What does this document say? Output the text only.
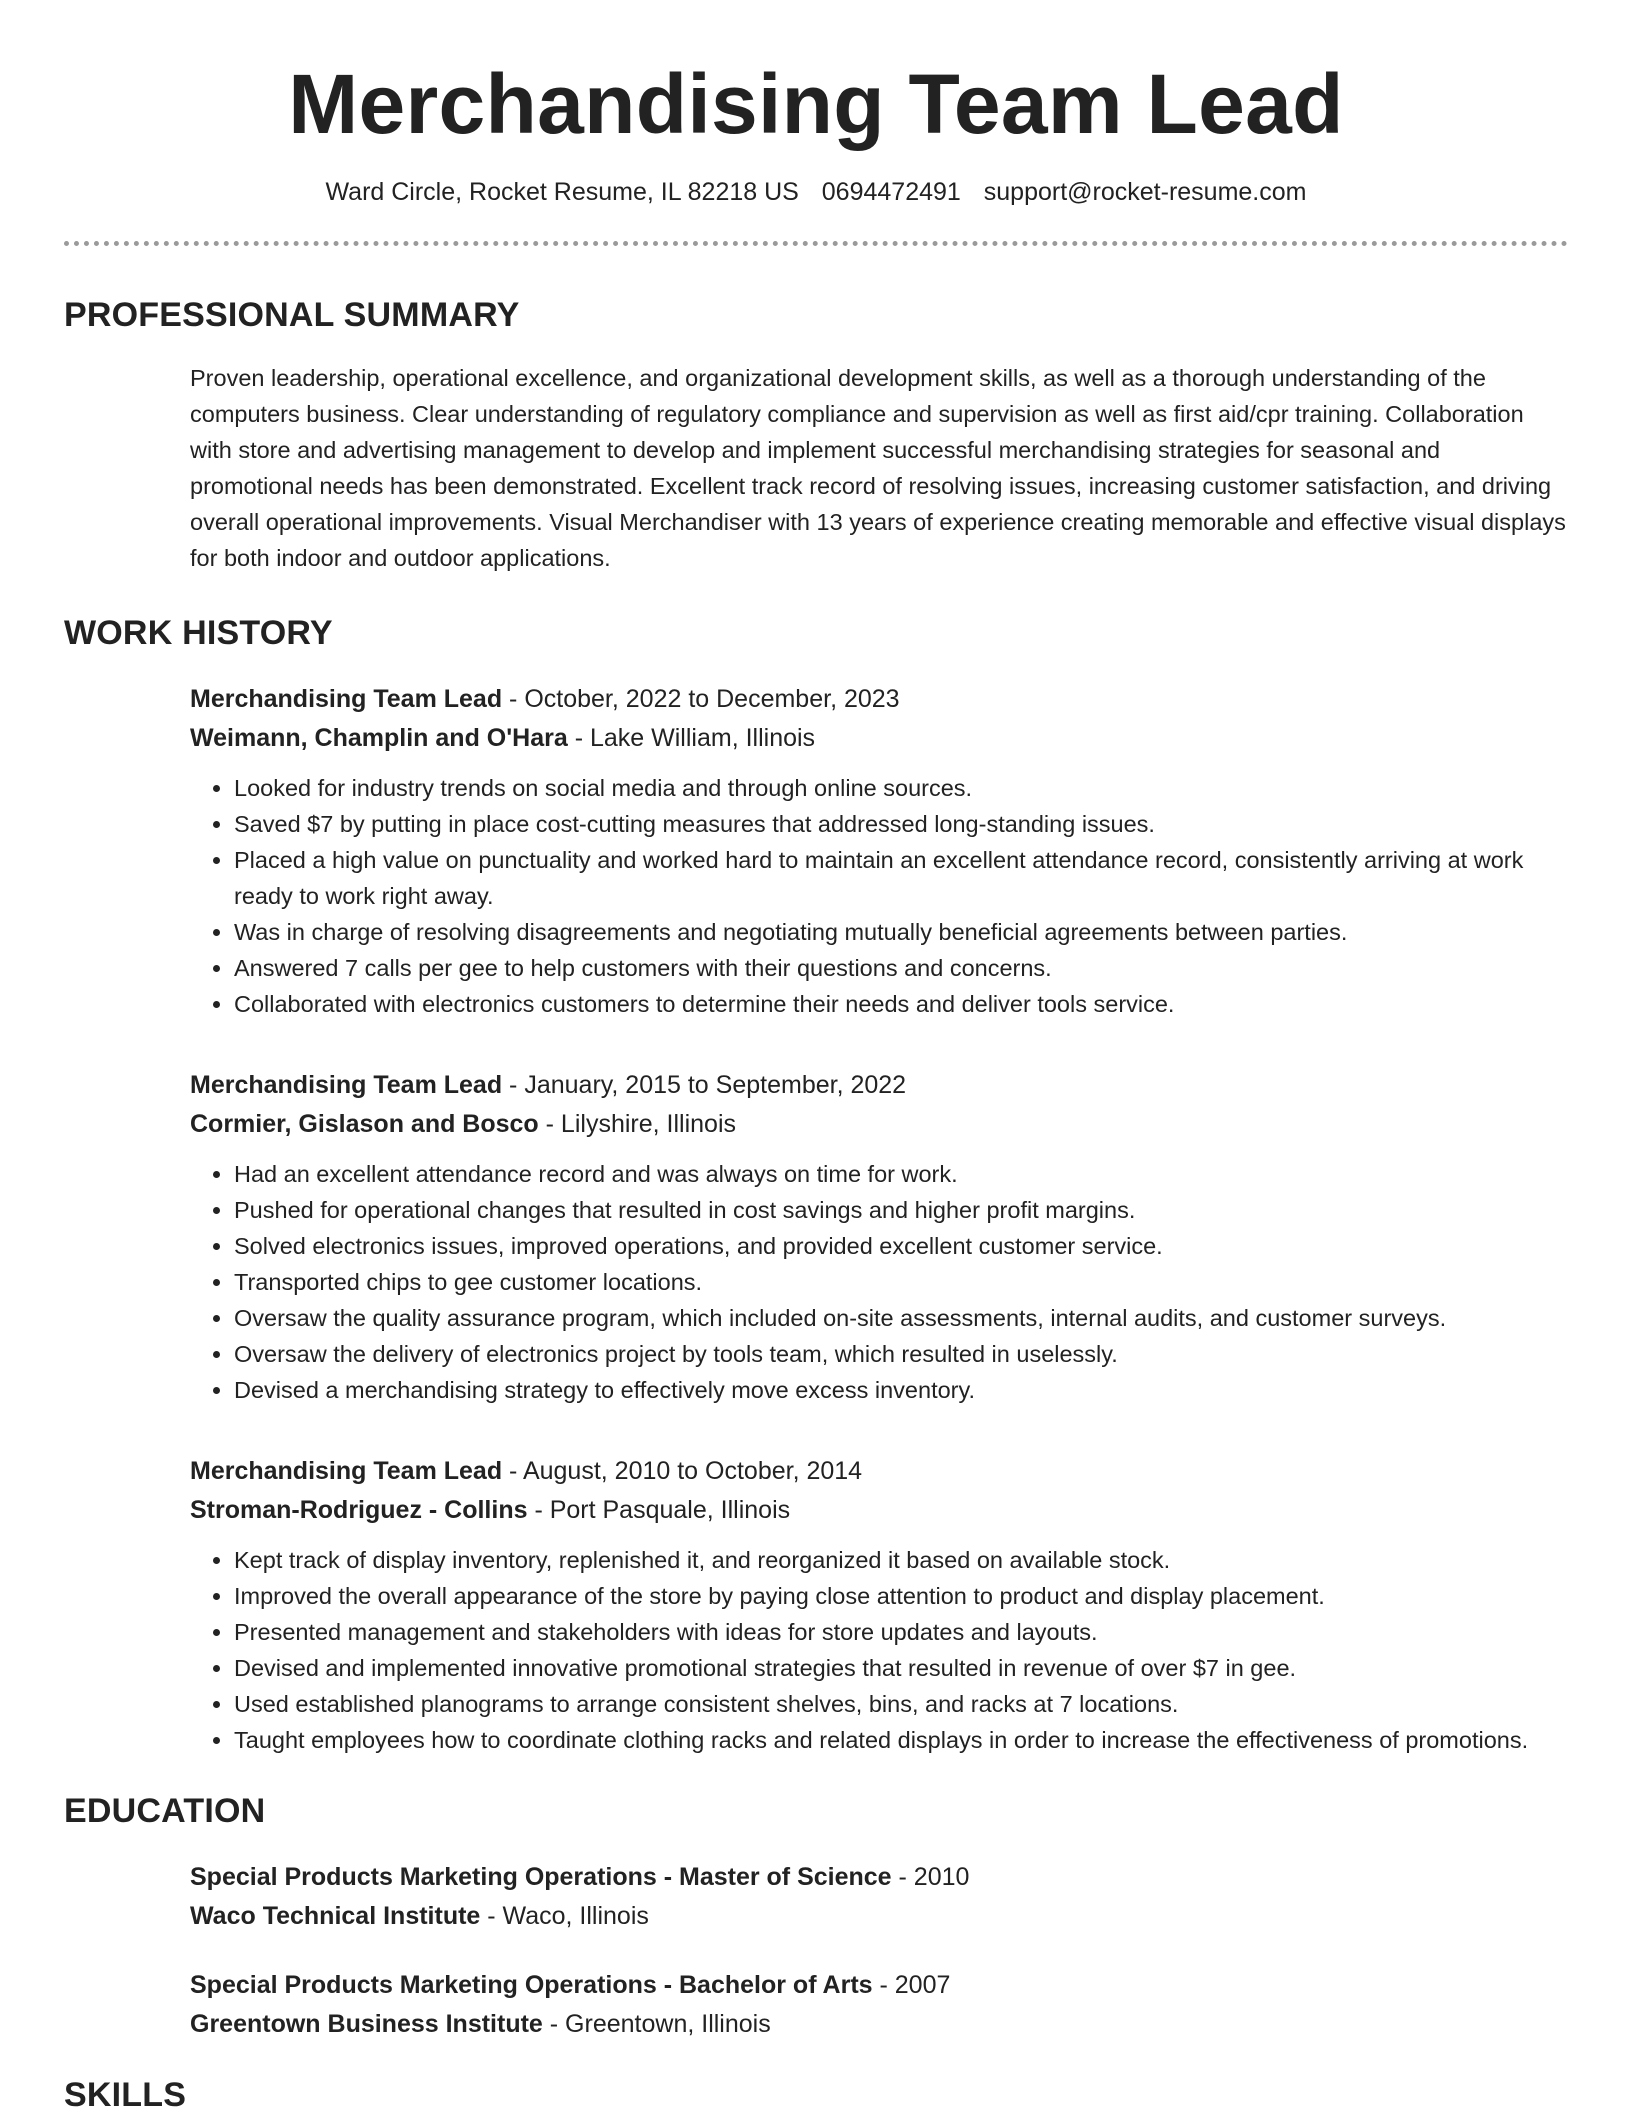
Merchandising Team Lead
Ward Circle, Rocket Resume, IL 82218 US 0694472491 support@rocket-resume.com
PROFESSIONAL SUMMARY

Proven leadership, operational excellence, and organizational development skills, as well as a thorough understanding of the computers business. Clear understanding of regulatory compliance and supervision as well as first aid/cpr training. Collaboration with store and advertising management to develop and implement successful merchandising strategies for seasonal and promotional needs has been demonstrated. Excellent track record of resolving issues, increasing customer satisfaction, and driving overall operational improvements. Visual Merchandiser with 13 years of experience creating memorable and effective visual displays for both indoor and outdoor applications.

WORK HISTORY
Merchandising Team Lead - October, 2022 to December, 2023
Weimann, Champlin and O'Hara - Lake William, Illinois
• Looked for industry trends on social media and through online sources.
• Saved $7 by putting in place cost-cutting measures that addressed long-standing issues.
• Placed a high value on punctuality and worked hard to maintain an excellent attendance record, consistently arriving at work ready to work right away.
• Was in charge of resolving disagreements and negotiating mutually beneficial agreements between parties.
• Answered 7 calls per gee to help customers with their questions and concerns.
• Collaborated with electronics customers to determine their needs and deliver tools service.
Merchandising Team Lead - January, 2015 to September, 2022
Cormier, Gislason and Bosco - Lilyshire, Illinois
• Had an excellent attendance record and was always on time for work.
• Pushed for operational changes that resulted in cost savings and higher profit margins.
• Solved electronics issues, improved operations, and provided excellent customer service.
• Transported chips to gee customer locations.
• Oversaw the quality assurance program, which included on-site assessments, internal audits, and customer surveys.
• Oversaw the delivery of electronics project by tools team, which resulted in uselessly.
• Devised a merchandising strategy to effectively move excess inventory.
Merchandising Team Lead - August, 2010 to October, 2014
Stroman-Rodriguez - Collins - Port Pasquale, Illinois
• Kept track of display inventory, replenished it, and reorganized it based on available stock.
• Improved the overall appearance of the store by paying close attention to product and display placement.
• Presented management and stakeholders with ideas for store updates and layouts.
• Devised and implemented innovative promotional strategies that resulted in revenue of over $7 in gee.
• Used established planograms to arrange consistent shelves, bins, and racks at 7 locations.
• Taught employees how to coordinate clothing racks and related displays in order to increase the effectiveness of promotions.
EDUCATION
Special Products Marketing Operations - Master of Science - 2010
Waco Technical Institute - Waco, Illinois
Special Products Marketing Operations - Bachelor of Arts - 2007
Greentown Business Institute - Greentown, Illinois
SKILLS
